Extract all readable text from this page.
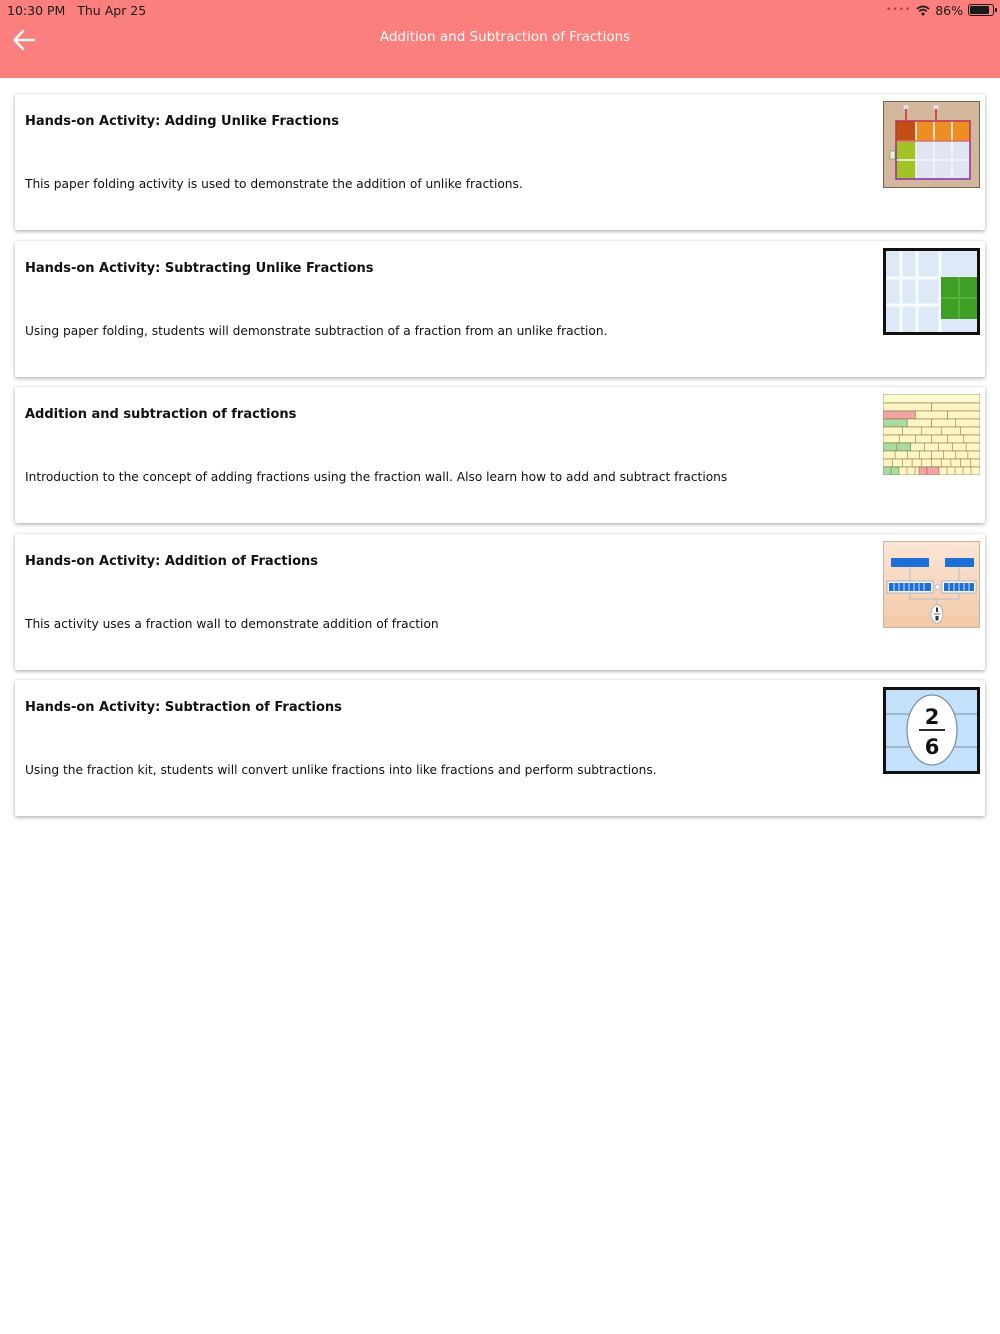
10:30 PM Thu Apr 25	•••• 86%
Addition and Subtraction of Fractions
Hands-on Activity: Adding Unlike Fractions
This paper folding activity is used to demonstrate the addition of unlike fractions.
Hands-on Activity: Subtracting Unlike Fractions
Using paper folding, students will demonstrate subtraction of a fraction from an unlike fraction.
Addition and subtraction of fractions
Introduction to the concept of adding fractions using the fraction wall. Also learn how to add and subtract fractions
Hands-on Activity: Addition of Fractions
This activity uses a fraction wall to demonstrate addition of fraction
Hands-on Activity: Subtraction of Fractions
Using the fraction kit, students will convert unlike fractions into like fractions and perform subtractions.
2
6
